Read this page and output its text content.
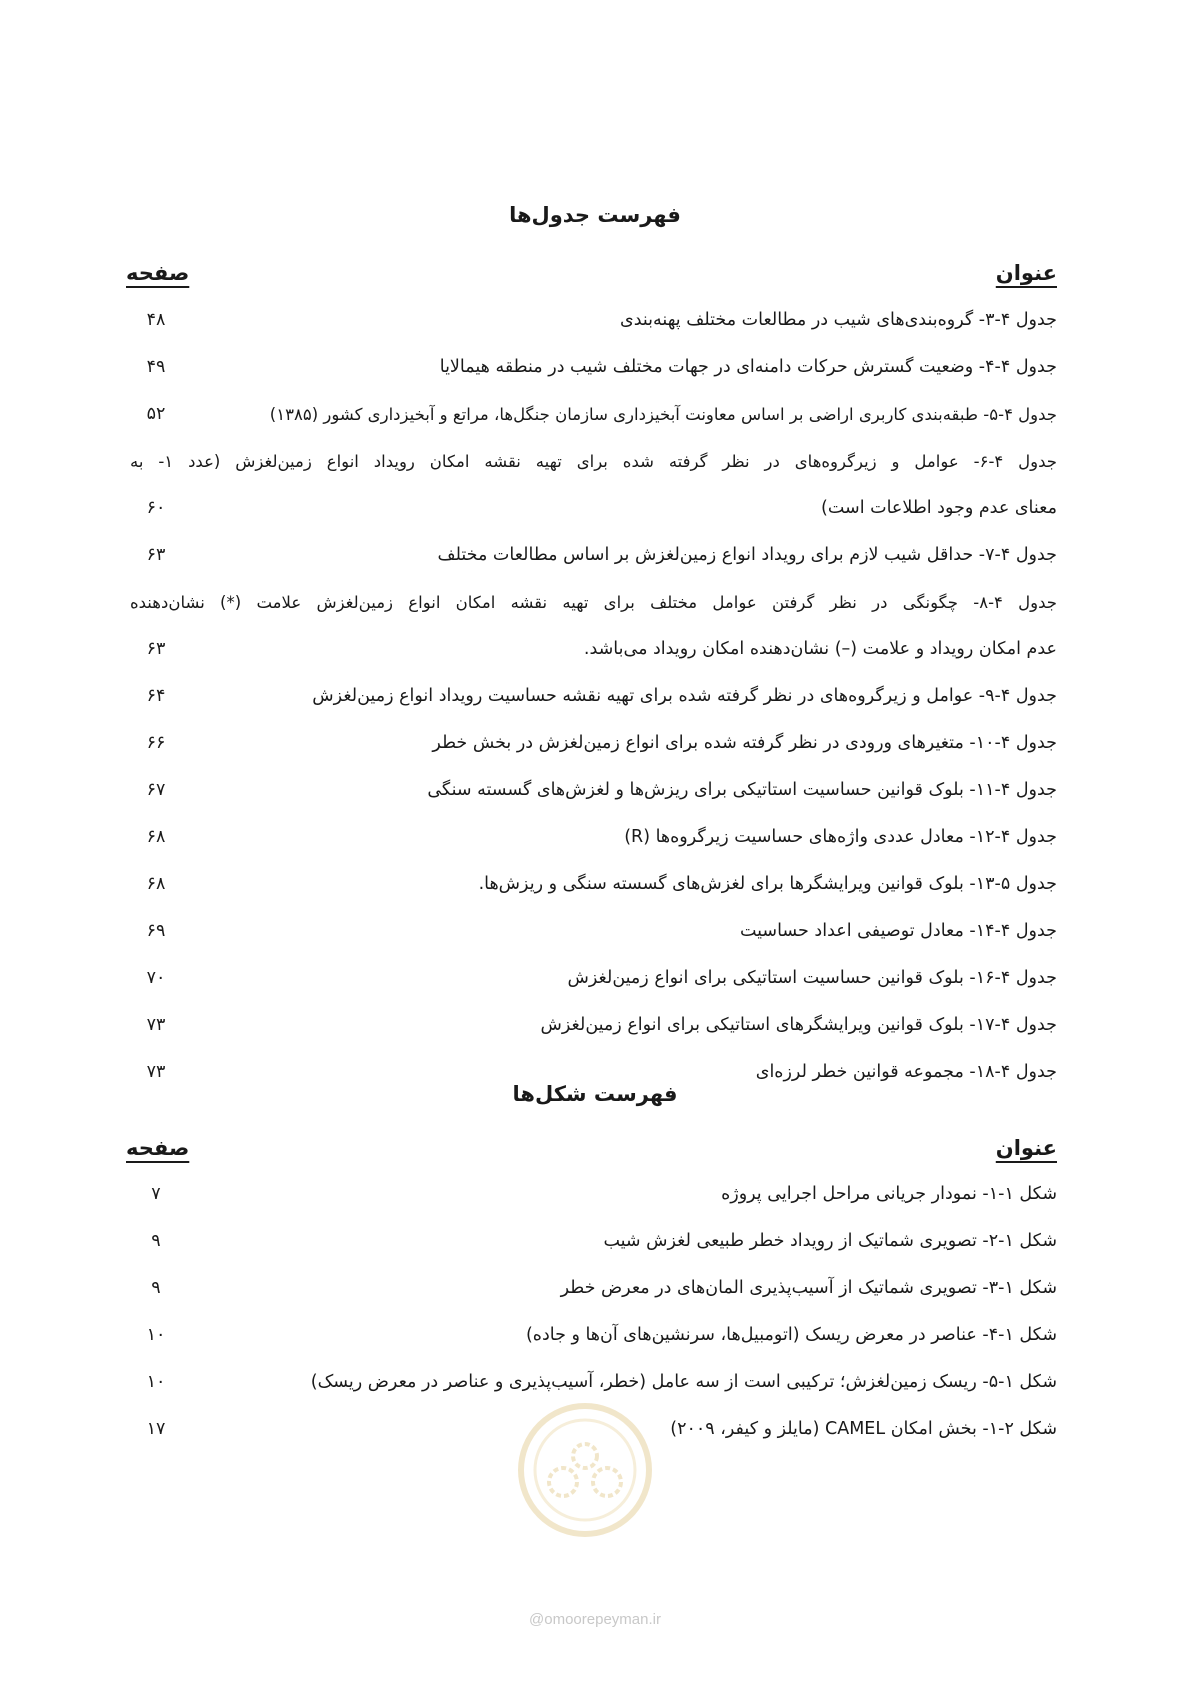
فهرست جدول‌ها
عنوان
صفحه
جدول ۴-۳- گروه‌بندی‌های شیب در مطالعات مختلف پهنه‌بندی
۴۸
جدول ۴-۴- وضعیت گسترش حرکات دامنه‌ای در جهات مختلف شیب در منطقه هیمالایا
۴۹
جدول ۴-۵- طبقه‌بندی کاربری اراضی بر اساس معاونت آبخیزداری سازمان جنگل‌ها، مراتع و آبخیزداری کشور (۱۳۸۵)
۵۲
جدول ۴-۶- عوامل و زیرگروه‌های در نظر گرفته شده برای تهیه نقشه امکان رویداد انواع زمین‌لغزش (عدد ۱- به
معنای عدم وجود اطلاعات است)
۶۰
جدول ۴-۷- حداقل شیب لازم برای رویداد انواع زمین‌لغزش بر اساس مطالعات مختلف
۶۳
جدول ۴-۸- چگونگی در نظر گرفتن عوامل مختلف برای تهیه نقشه امکان انواع زمین‌لغزش علامت (*) نشان‌دهنده
عدم امکان رویداد و علامت (–) نشان‌دهنده امکان رویداد می‌باشد.
۶۳
جدول ۴-۹- عوامل و زیرگروه‌های در نظر گرفته شده برای تهیه نقشه حساسیت رویداد انواع زمین‌لغزش
۶۴
جدول ۴-۱۰- متغیرهای ورودی در نظر گرفته شده برای انواع زمین‌لغزش در بخش خطر
۶۶
جدول ۴-۱۱- بلوک قوانین حساسیت استاتیکی برای ریزش‌ها و لغزش‌های گسسته سنگی
۶۷
جدول ۴-۱۲- معادل عددی واژه‌های حساسیت زیرگروه‌ها (R)
۶۸
جدول ۵-۱۳- بلوک قوانین ویرایشگرها برای لغزش‌های گسسته سنگی و ریزش‌ها.
۶۸
جدول ۴-۱۴- معادل توصیفی اعداد حساسیت
۶۹
جدول ۴-۱۶- بلوک قوانین حساسیت استاتیکی برای انواع زمین‌لغزش
۷۰
جدول ۴-۱۷- بلوک قوانین ویرایشگرهای استاتیکی برای انواع زمین‌لغزش
۷۳
جدول ۴-۱۸- مجموعه قوانین خطر لرزه‌ای
۷۳
فهرست شکل‌ها
عنوان
صفحه
شکل ۱-۱- نمودار جریانی مراحل اجرایی پروژه
۷
شکل ۱-۲- تصویری شماتیک از رویداد خطر طبیعی لغزش شیب
۹
شکل ۱-۳- تصویری شماتیک از آسیب‌پذیری المان‌های در معرض خطر
۹
شکل ۱-۴- عناصر در معرض ریسک (اتومبیل‌ها، سرنشین‌های آن‌ها و جاده)
۱۰
شکل ۱-۵- ریسک زمین‌لغزش؛ ترکیبی است از سه عامل (خطر، آسیب‌پذیری و عناصر در معرض ریسک)
۱۰
شکل ۲-۱- بخش امکان CAMEL (مایلز و کیفر، ۲۰۰۹)
۱۷
@omoorepeyman.ir
